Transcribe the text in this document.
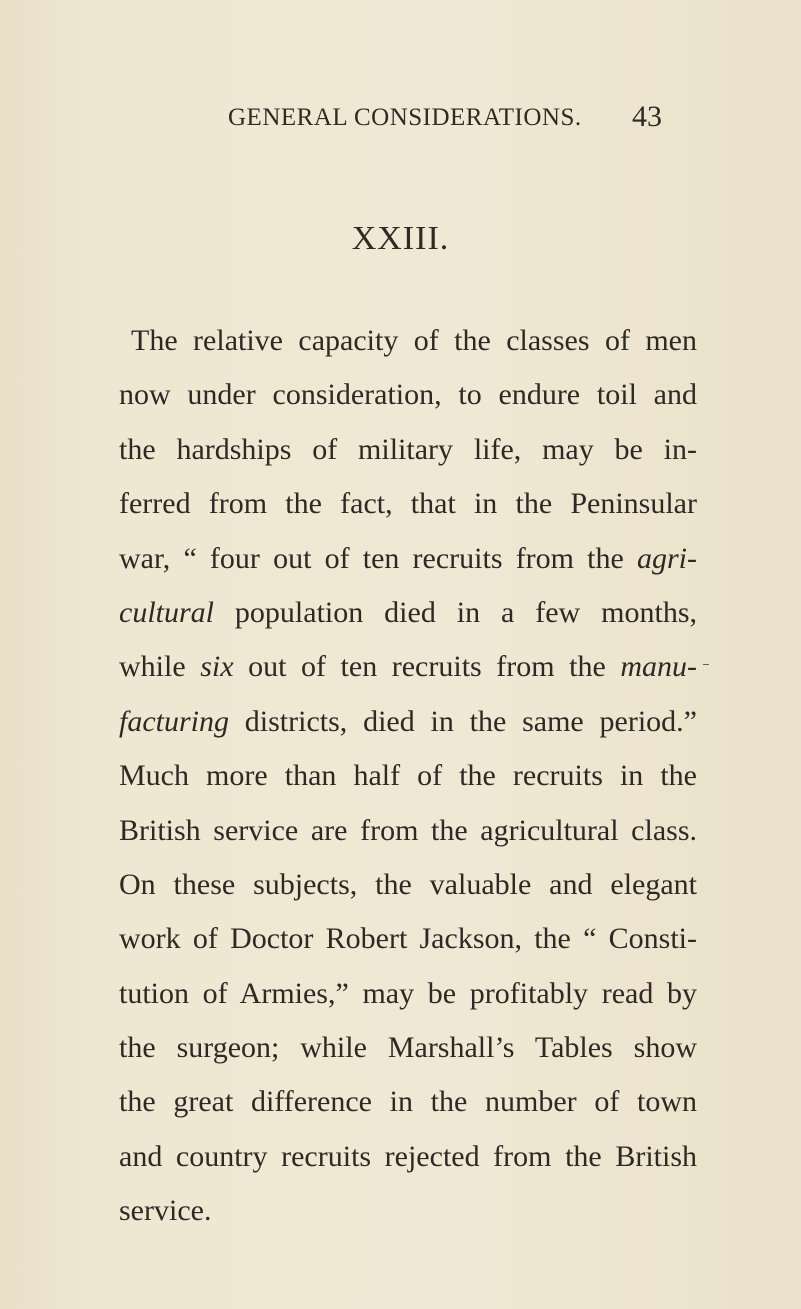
GENERAL CONSIDERATIONS. 43
XXIII.
The relative capacity of the classes of men
now under consideration, to endure toil and
the hardships of military life, may be in-
ferred from the fact, that in the Peninsular
war, “ four out of ten recruits from the agri-
cultural population died in a few months,
while six out of ten recruits from the manu-
facturing districts, died in the same period.”
Much more than half of the recruits in the
British service are from the agricultural class.
On these subjects, the valuable and elegant
work of Doctor Robert Jackson, the “ Consti-
tution of Armies,” may be profitably read by
the surgeon; while Marshall’s Tables show
the great difference in the number of town
and country recruits rejected from the British
service.
